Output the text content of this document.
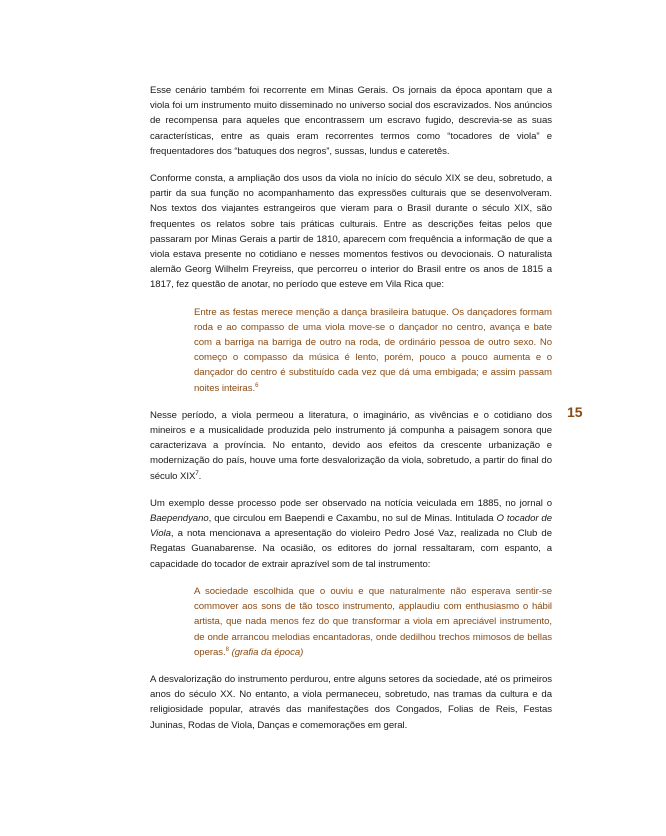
Esse cenário também foi recorrente em Minas Gerais. Os jornais da época apontam que a viola foi um instrumento muito disseminado no universo social dos escravizados. Nos anúncios de recompensa para aqueles que encontrassem um escravo fugido, descrevia-se as suas características, entre as quais eram recorrentes termos como “tocadores de viola” e frequentadores dos “batuques dos negros”, sussas, lundus e cateretês.

Conforme consta, a ampliação dos usos da viola no início do século XIX se deu, sobretudo, a partir da sua função no acompanhamento das expressões culturais que se desenvolveram. Nos textos dos viajantes estrangeiros que vieram para o Brasil durante o século XIX, são frequentes os relatos sobre tais práticas culturais. Entre as descrições feitas pelos que passaram por Minas Gerais a partir de 1810, aparecem com frequência a informação de que a viola estava presente no cotidiano e nesses momentos festivos ou devocionais. O naturalista alemão Georg Wilhelm Freyreiss, que percorreu o interior do Brasil entre os anos de 1815 a 1817, fez questão de anotar, no período que esteve em Vila Rica que:

Entre as festas merece menção a dança brasileira batuque. Os dançadores formam roda e ao compasso de uma viola move-se o dançador no centro, avança e bate com a barriga na barriga de outro na roda, de ordinário pessoa de outro sexo. No começo o compasso da música é lento, porém, pouco a pouco aumenta e o dançador do centro é substituído cada vez que dá uma embigada; e assim passam noites inteiras.$^6$

Nesse período, a viola permeou a literatura, o imaginário, as vivências e o cotidiano dos mineiros e a musicalidade produzida pelo instrumento já compunha a paisagem sonora que caracterizava a província. No entanto, devido aos efeitos da crescente urbanização e modernização do país, houve uma forte desvalorização da viola, sobretudo, a partir do final do século XIX$^7$.

Um exemplo desse processo pode ser observado na notícia veiculada em 1885, no jornal o Baependyano, que circulou em Baependi e Caxambu, no sul de Minas. Intitulada O tocador de Viola, a nota mencionava a apresentação do violeiro Pedro José Vaz, realizada no Club de Regatas Guanabarense. Na ocasião, os editores do jornal ressaltaram, com espanto, a capacidade do tocador de extrair aprazível som de tal instrumento:

A sociedade escolhida que o ouviu e que naturalmente não esperava sentir-se commover aos sons de tão tosco instrumento, applaudiu com enthusiasmo o hábil artista, que nada menos fez do que transformar a viola em apreciável instrumento, de onde arrancou melodias encantadoras, onde dedilhou trechos mimosos de bellas operas.$^8$ (grafia da época)

A desvalorização do instrumento perdurou, entre alguns setores da sociedade, até os primeiros anos do século XX. No entanto, a viola permaneceu, sobretudo, nas tramas da cultura e da religiosidade popular, através das manifestações dos Congados, Folias de Reis, Festas Juninas, Rodas de Viola, Danças e comemorações em geral.

15
